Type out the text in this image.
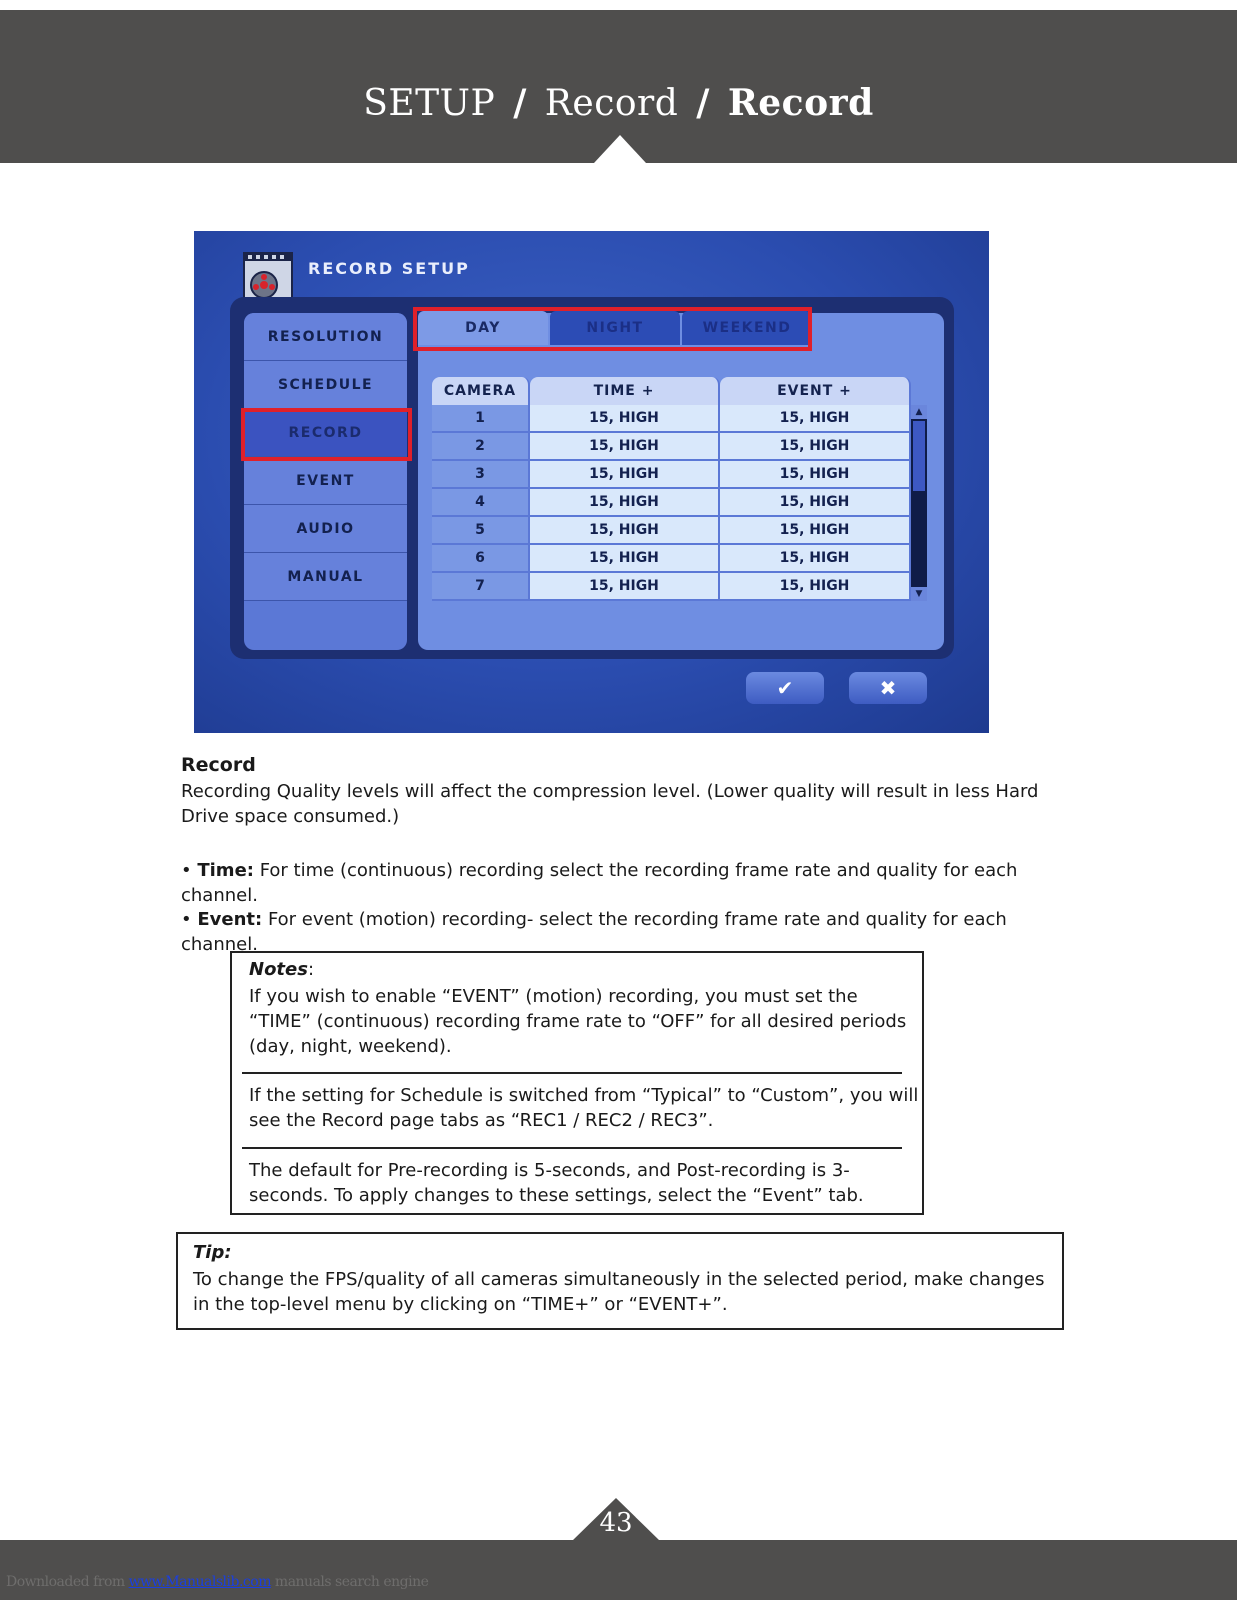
SETUP / Record / Record
RECORD SETUP
RESOLUTION
SCHEDULE
RECORD
EVENT
AUDIO
MANUAL
DAY	NIGHT	WEEKEND
CAMERA	TIME +	EVENT +
1	15, HIGH	15, HIGH
2	15, HIGH	15, HIGH
3	15, HIGH	15, HIGH
4	15, HIGH	15, HIGH
5	15, HIGH	15, HIGH
6	15, HIGH	15, HIGH
7	15, HIGH	15, HIGH
▲
▼
✔	✖
Record
Recording Quality levels will affect the compression level. (Lower quality will result in less Hard Drive space consumed.)
• Time: For time (continuous) recording select the recording frame rate and quality for each channel.
• Event: For event (motion) recording- select the recording frame rate and quality for each channel.
Notes:
If you wish to enable “EVENT” (motion) recording, you must set the “TIME” (continuous) recording frame rate to “OFF” for all desired periods (day, night, weekend).
If the setting for Schedule is switched from “Typical” to “Custom”, you will see the Record page tabs as “REC1 / REC2 / REC3”.
The default for Pre-recording is 5-seconds, and Post-recording is 3-seconds. To apply changes to these settings, select the “Event” tab.
Tip:
To change the FPS/quality of all cameras simultaneously in the selected period, make changes in the top-level menu by clicking on “TIME+” or “EVENT+”.
43
Downloaded from www.Manualslib.com manuals search engine
